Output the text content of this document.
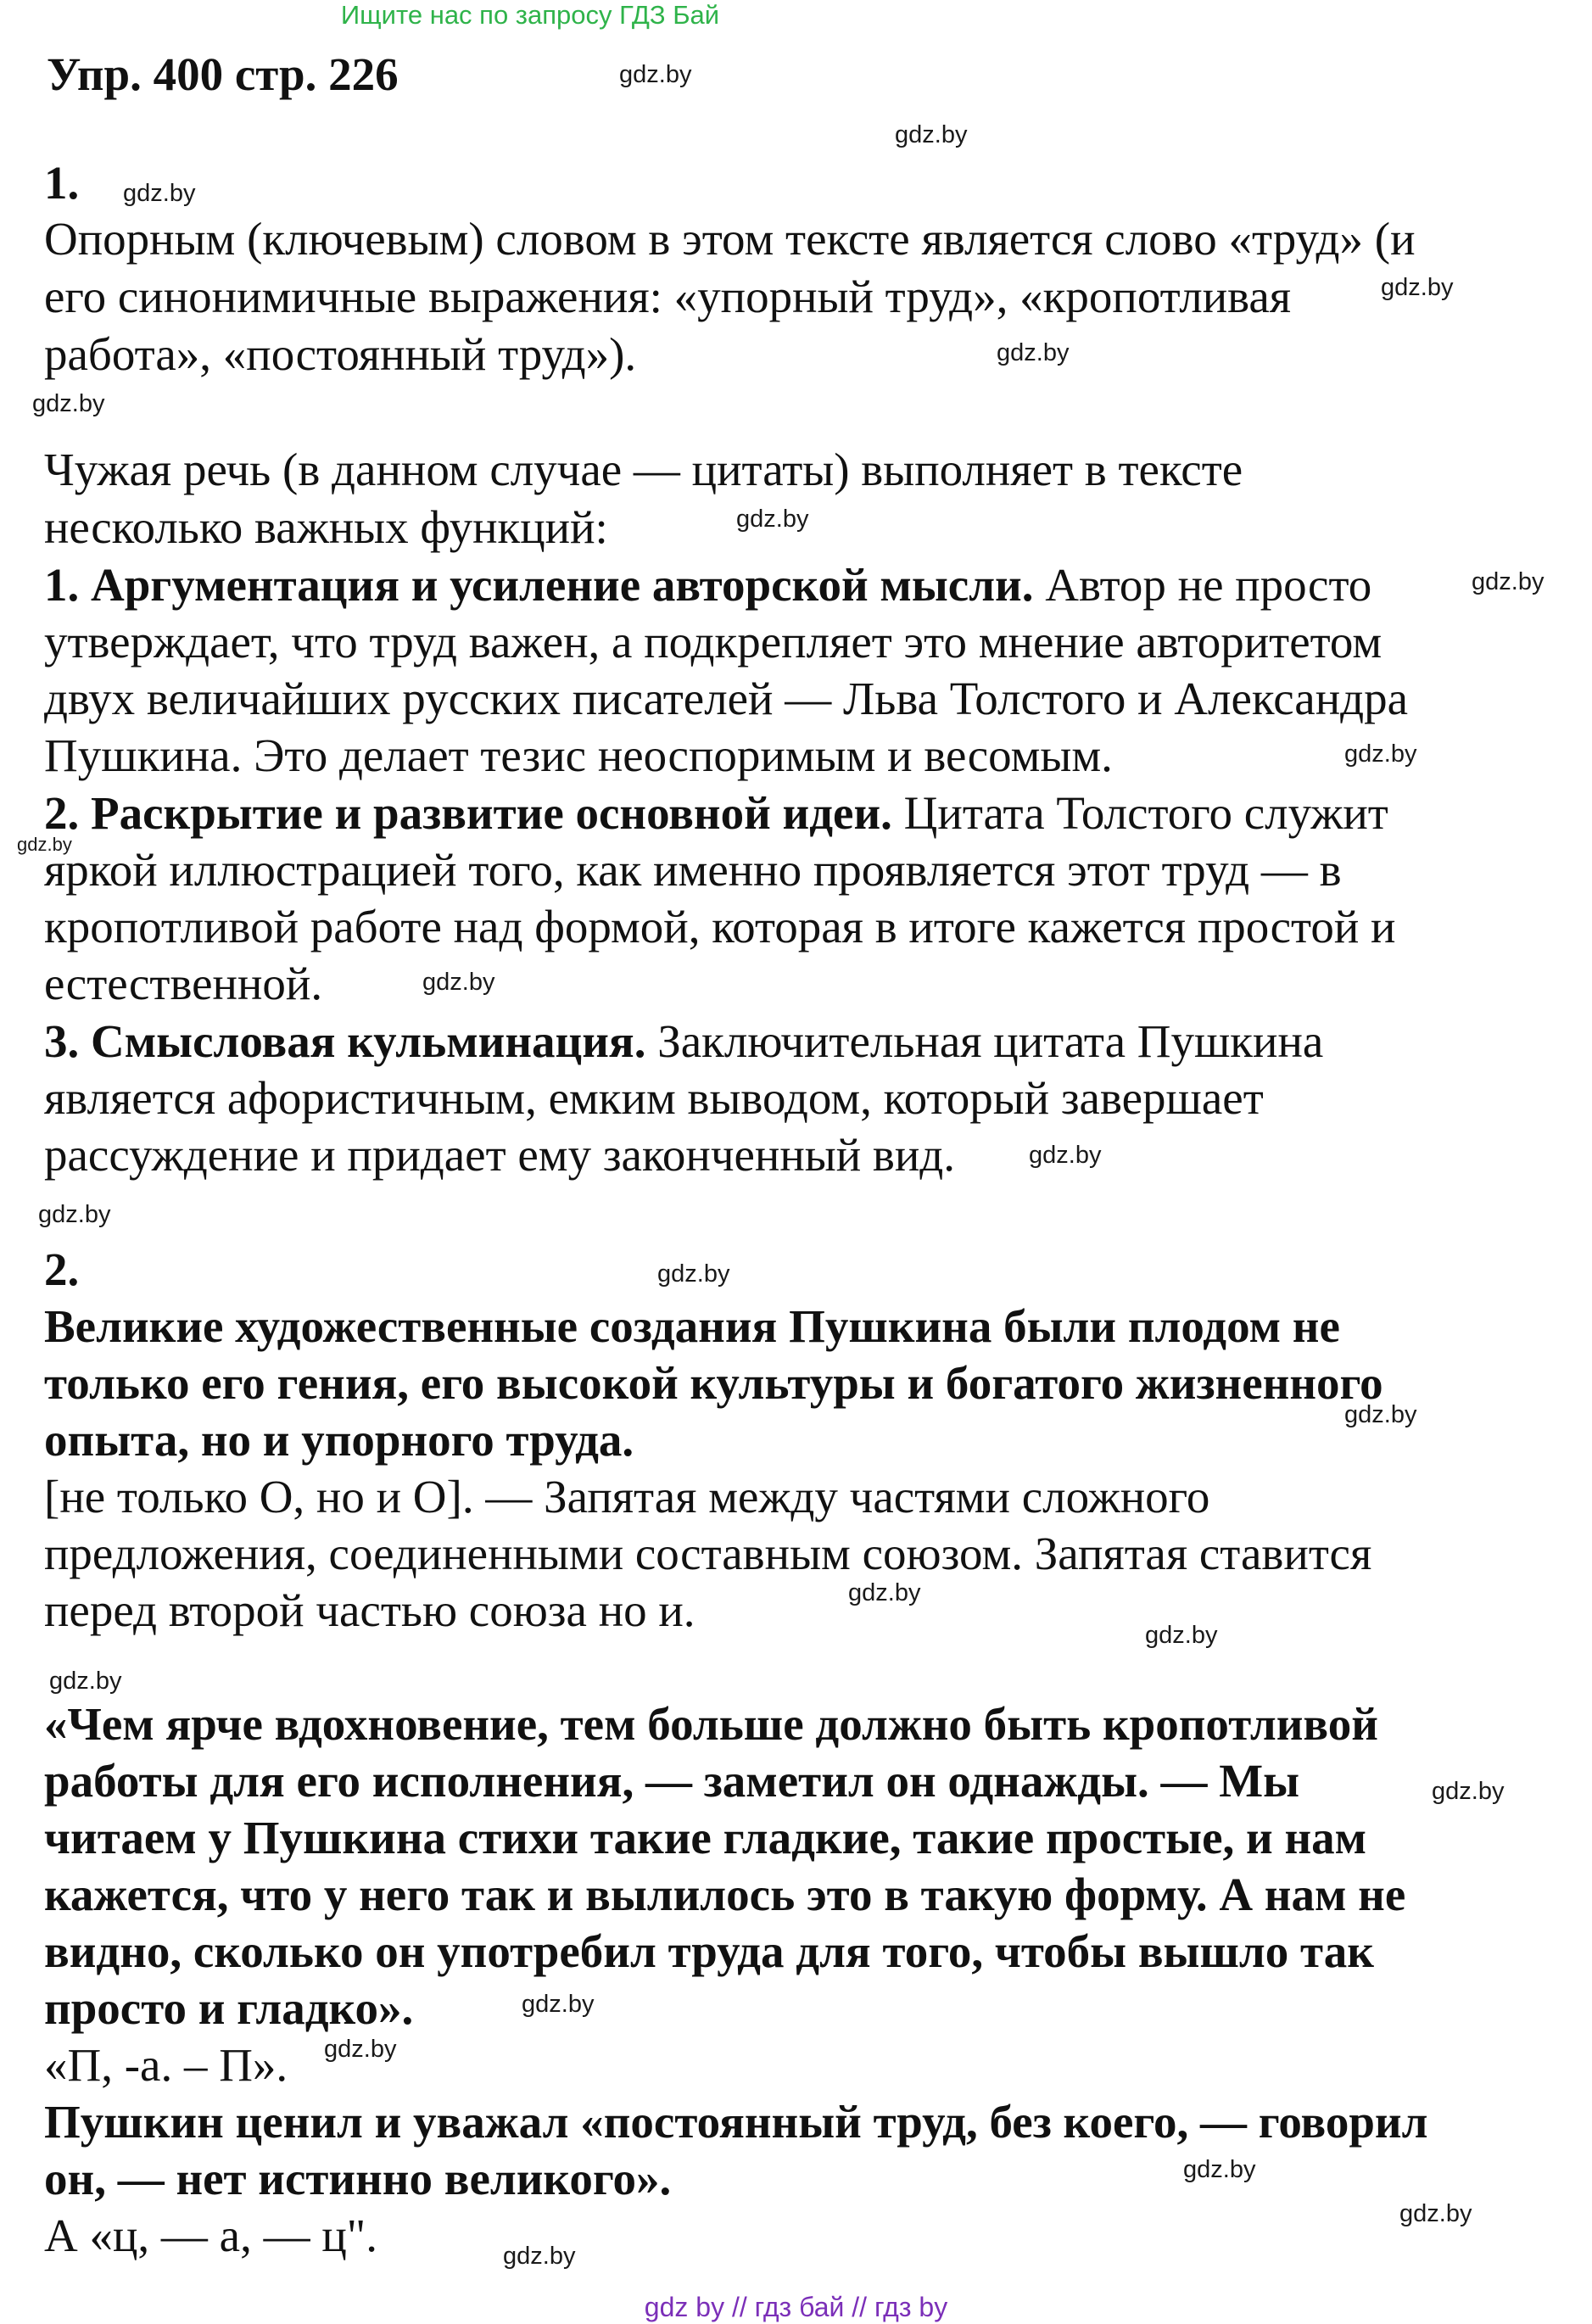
Ищите нас по запросу ГДЗ Бай
Упр. 400 стр. 226

1.

Опорным (ключевым) словом в этом тексте является слово «труд» (и

его синонимичные выражения: «упорный труд», «кропотливая

работа», «постоянный труд»).

Чужая речь (в данном случае — цитаты) выполняет в тексте

несколько важных функций:

1. Аргументация и усиление авторской мысли. Автор не просто

утверждает, что труд важен, а подкрепляет это мнение авторитетом

двух величайших русских писателей — Льва Толстого и Александра

Пушкина. Это делает тезис неоспоримым и весомым.

2. Раскрытие и развитие основной идеи. Цитата Толстого служит

яркой иллюстрацией того, как именно проявляется этот труд — в

кропотливой работе над формой, которая в итоге кажется простой и

естественной.

3. Смысловая кульминация. Заключительная цитата Пушкина

является афористичным, емким выводом, который завершает

рассуждение и придает ему законченный вид.

2.

Великие художественные создания Пушкина были плодом не

только его гения, его высокой культуры и богатого жизненного

опыта, но и упорного труда.

[не только О, но и О]. — Запятая между частями сложного

предложения, соединенными составным союзом. Запятая ставится

перед второй частью союза но и.

«Чем ярче вдохновение, тем больше должно быть кропотливой

работы для его исполнения, — заметил он однажды. — Мы

читаем у Пушкина стихи такие гладкие, такие простые, и нам

кажется, что у него так и вылилось это в такую форму. А нам не

видно, сколько он употребил труда для того, чтобы вышло так

просто и гладко».

«П, -а. – П».

Пушкин ценил и уважал «постоянный труд, без коего, — говорил

он, — нет истинно великого».

А «ц, — а, — ц".

gdz.by
gdz.by
gdz.by
gdz.by
gdz.by
gdz.by
gdz.by
gdz.by
gdz.by
gdz.by
gdz.by
gdz.by
gdz.by
gdz.by
gdz.by
gdz.by
gdz.by
gdz.by
gdz.by
gdz.by
gdz.by
gdz.by
gdz.by
gdz.by
gdz by // гдз бай // гдз by
